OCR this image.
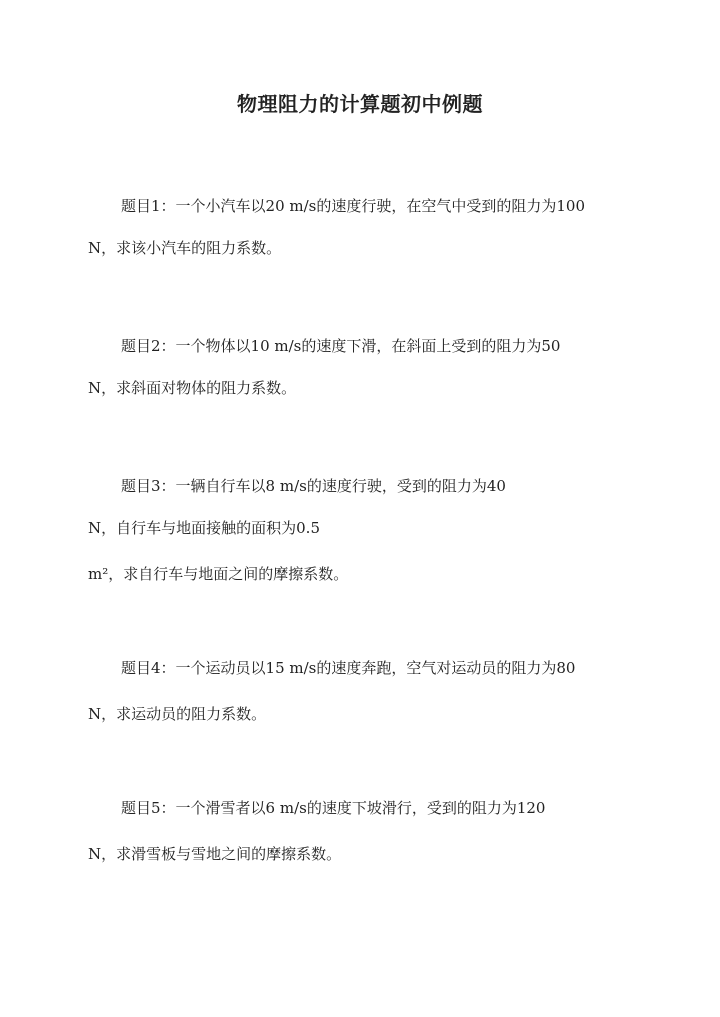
物理阻力的计算题初中例题
题目1：一个小汽车以20 m/s的速度行驶，在空气中受到的阻力为100
N，求该小汽车的阻力系数。
题目2：一个物体以10 m/s的速度下滑，在斜面上受到的阻力为50
N，求斜面对物体的阻力系数。
题目3：一辆自行车以8 m/s的速度行驶，受到的阻力为40
N，自行车与地面接触的面积为0.5
m²，求自行车与地面之间的摩擦系数。
题目4：一个运动员以15 m/s的速度奔跑，空气对运动员的阻力为80
N，求运动员的阻力系数。
题目5：一个滑雪者以6 m/s的速度下坡滑行，受到的阻力为120
N，求滑雪板与雪地之间的摩擦系数。
